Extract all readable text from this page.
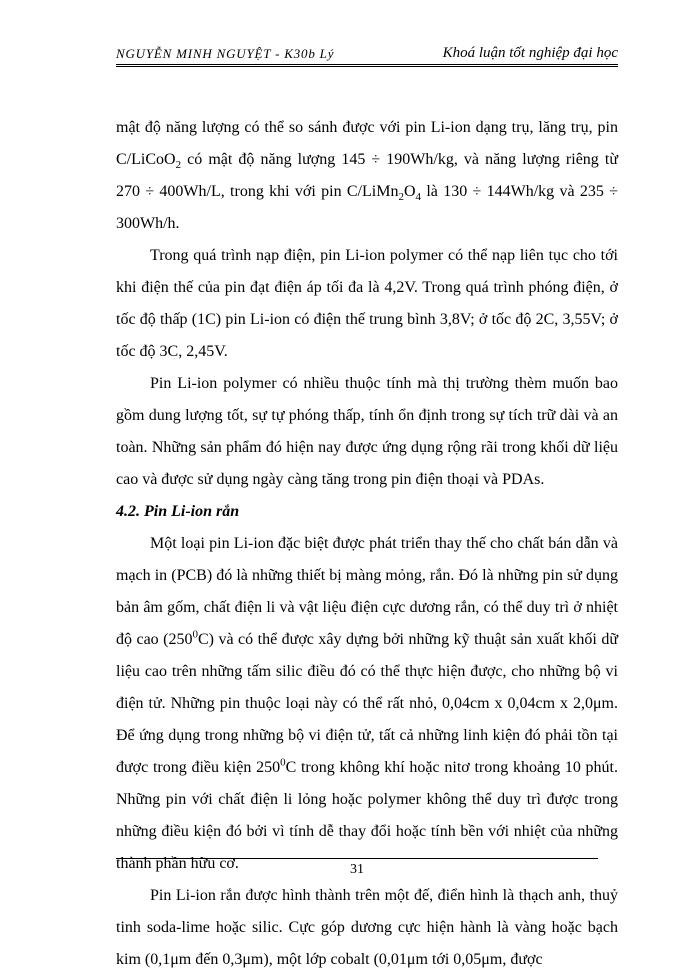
NGUYỄN MINH NGUYỆT - K30b Lý	Khoá luận tốt nghiệp đại học

mật độ năng lượng có thể so sánh được với pin Li-ion dạng trụ, lăng trụ, pin C/LiCoO$_2$ có mật độ năng lượng 145 ÷ 190Wh/kg, và năng lượng riêng từ 270 ÷ 400Wh/L, trong khi với pin $C/LiMn_2O_4$ là 130 ÷ 144Wh/kg và 235 ÷ 300Wh/h.

Trong quá trình nạp điện, pin Li-ion polymer có thể nạp liên tục cho tới khi điện thế của pin đạt điện áp tối đa là 4,2V. Trong quá trình phóng điện, ở tốc độ thấp (1C) pin Li-ion có điện thế trung bình 3,8V; ở tốc độ 2C, 3,55V; ở tốc độ 3C, 2,45V.

Pin Li-ion polymer có nhiều thuộc tính mà thị trường thèm muốn bao gồm dung lượng tốt, sự tự phóng thấp, tính ổn định trong sự tích trữ dài và an toàn. Những sản phẩm đó hiện nay được ứng dụng rộng rãi trong khối dữ liệu cao và được sử dụng ngày càng tăng trong pin điện thoại và PDAs.

4.2. Pin Li-ion rắn

Một loại pin Li-ion đặc biệt được phát triển thay thế cho chất bán dẫn và mạch in (PCB) đó là những thiết bị màng mỏng, rắn. Đó là những pin sử dụng bản âm gốm, chất điện li và vật liệu điện cực dương rắn, có thể duy trì ở nhiệt độ cao $(250^0C)$ và có thể được xây dựng bởi những kỹ thuật sản xuất khối dữ liệu cao trên những tấm silic điều đó có thể thực hiện được, cho những bộ vi điện tử. Những pin thuộc loại này có thể rất nhỏ, 0,04cm x 0,04cm x 2,0μm. Để ứng dụng trong những bộ vi điện tử, tất cả những linh kiện đó phải tồn tại được trong điều kiện $250^0C$ trong không khí hoặc nitơ trong khoảng 10 phút. Những pin với chất điện li lỏng hoặc polymer không thể duy trì được trong những điều kiện đó bởi vì tính dễ thay đổi hoặc tính bền với nhiệt của những thành phần hữu cơ.

Pin Li-ion rắn được hình thành trên một đế, điển hình là thạch anh, thuỷ tinh soda-lime hoặc silic. Cực góp dương cực hiện hành là vàng hoặc bạch kim (0,1μm đến 0,3μm), một lớp cobalt (0,01μm tới 0,05μm, được

31
